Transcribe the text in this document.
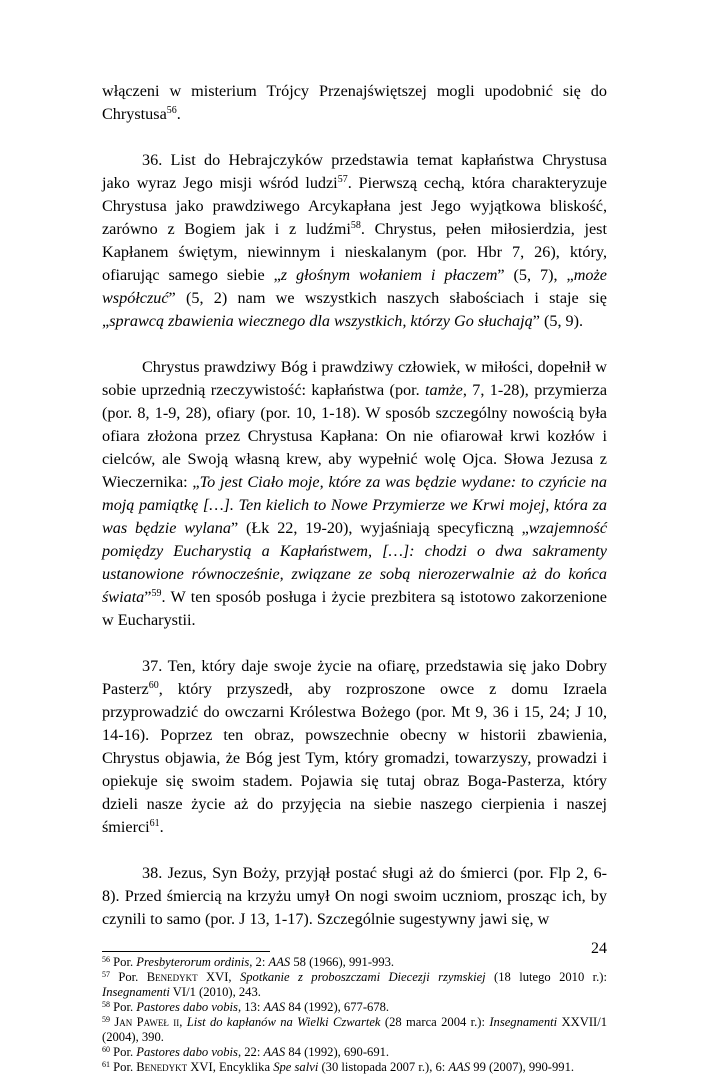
włączeni w misterium Trójcy Przenajświętszej mogli upodobnić się do Chrystusa$^{56}$.

36. List do Hebrajczyków przedstawia temat kapłaństwa Chrystusa jako wyraz Jego misji wśród ludzi$^{57}$. Pierwszą cechą, która charakteryzuje Chrystusa jako prawdziwego Arcykapłana jest Jego wyjątkowa bliskość, zarówno z Bogiem jak i z ludźmi$^{58}$. Chrystus, pełen miłosierdzia, jest Kapłanem świętym, niewinnym i nieskalanym (por. Hbr 7, 26), który, ofiarując samego siebie „z głośnym wołaniem i płaczem” (5, 7), „może współczuć” (5, 2) nam we wszystkich naszych słabościach i staje się „sprawcą zbawienia wiecznego dla wszystkich, którzy Go słuchają” (5, 9).

Chrystus prawdziwy Bóg i prawdziwy człowiek, w miłości, dopełnił w sobie uprzednią rzeczywistość: kapłaństwa (por. tamże, 7, 1-28), przymierza (por. 8, 1-9, 28), ofiary (por. 10, 1-18). W sposób szczególny nowością była ofiara złożona przez Chrystusa Kapłana: On nie ofiarował krwi kozłów i cielców, ale Swoją własną krew, aby wypełnić wolę Ojca. Słowa Jezusa z Wieczernika: „To jest Ciało moje, które za was będzie wydane: to czyńcie na moją pamiątkę […]. Ten kielich to Nowe Przymierze we Krwi mojej, która za was będzie wylana” (Łk 22, 19-20), wyjaśniają specyficzną „wzajemność pomiędzy Eucharystią a Kapłaństwem, […]: chodzi o dwa sakramenty ustanowione równocześnie, związane ze sobą nierozerwalnie aż do końca świata”$^{59}$. W ten sposób posługa i życie prezbitera są istotowo zakorzenione w Eucharystii.

37. Ten, który daje swoje życie na ofiarę, przedstawia się jako Dobry Pasterz$^{60}$, który przyszedł, aby rozproszone owce z domu Izraela przyprowadzić do owczarni Królestwa Bożego (por. Mt 9, 36 i 15, 24; J 10, 14-16). Poprzez ten obraz, powszechnie obecny w historii zbawienia, Chrystus objawia, że Bóg jest Tym, który gromadzi, towarzyszy, prowadzi i opiekuje się swoim stadem. Pojawia się tutaj obraz Boga-Pasterza, który dzieli nasze życie aż do przyjęcia na siebie naszego cierpienia i naszej śmierci$^{61}$.

38. Jezus, Syn Boży, przyjął postać sługi aż do śmierci (por. Flp 2, 6-8). Przed śmiercią na krzyżu umył On nogi swoim uczniom, prosząc ich, by czynili to samo (por. J 13, 1-17). Szczególnie sugestywny jawi się, w

$^{56}$ Por. Presbyterorum ordinis, 2: AAS 58 (1966), 991-993.

$^{57}$ Por. Benedykt XVI, Spotkanie z proboszczami Diecezji rzymskiej (18 lutego 2010 r.): Insegnamenti VI/1 (2010), 243.

$^{58}$ Por. Pastores dabo vobis, 13: AAS 84 (1992), 677-678.

$^{59}$ Jan Paweł ii, List do kapłanów na Wielki Czwartek (28 marca 2004 r.): Insegnamenti XXVII/1 (2004), 390.

$^{60}$ Por. Pastores dabo vobis, 22: AAS 84 (1992), 690-691.

$^{61}$ Por. Benedykt XVI, Encyklika Spe salvi (30 listopada 2007 r.), 6: AAS 99 (2007), 990-991.

24
